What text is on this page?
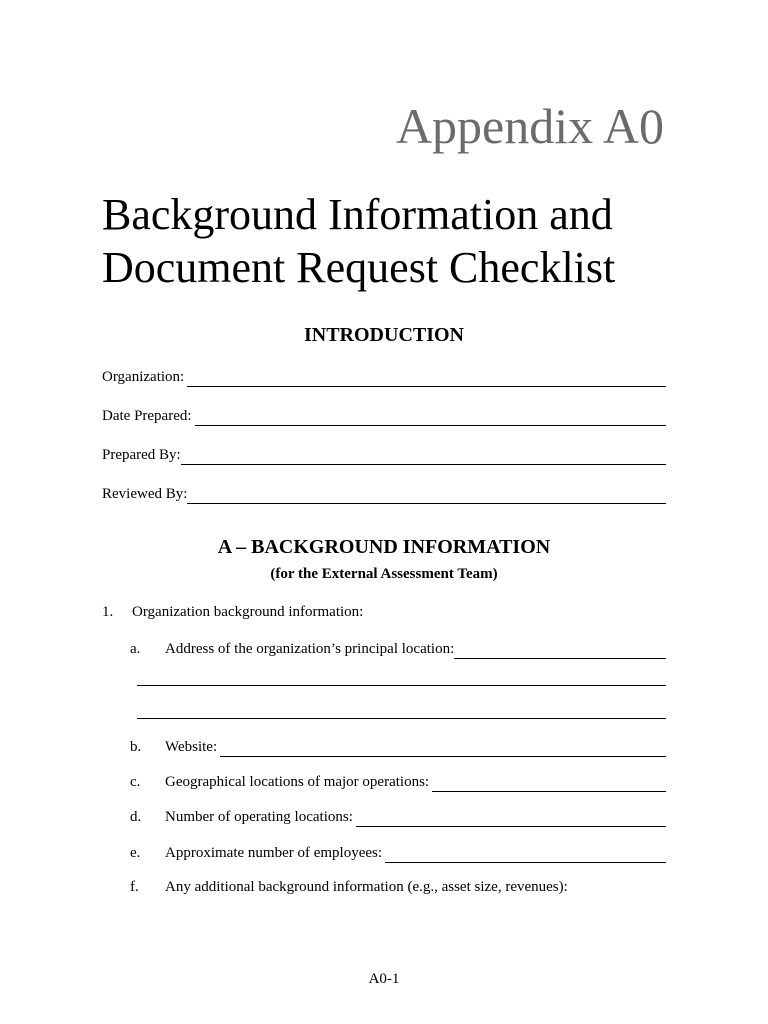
Appendix A0
Background Information and
Document Request Checklist
INTRODUCTION
Organization:
Date Prepared:
Prepared By:
Reviewed By:
A – BACKGROUND INFORMATION
(for the External Assessment Team)
1.	Organization background information:
a.	Address of the organization’s principal location:
b.	Website:
c.	Geographical locations of major operations:
d.	Number of operating locations:
e.	Approximate number of employees:
f.	Any additional background information (e.g., asset size, revenues):
A0-1
